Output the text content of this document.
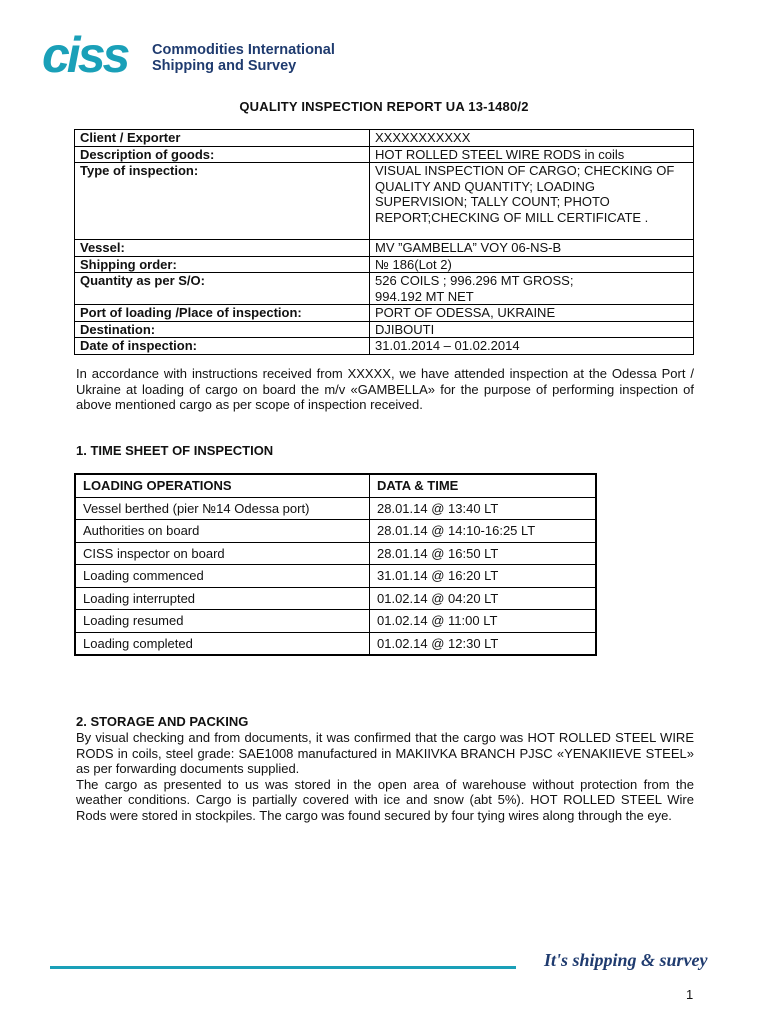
ciss Commodities International
Shipping and Survey
QUALITY INSPECTION REPORT UA 13-1480/2
Client / Exporter	XXXXXXXXXXX
Description of goods:	HOT ROLLED STEEL WIRE RODS in coils
Type of inspection:	VISUAL INSPECTION OF CARGO; CHECKING OF QUALITY AND QUANTITY; LOADING SUPERVISION; TALLY COUNT; PHOTO REPORT;CHECKING OF MILL CERTIFICATE .
Vessel:	MV ”GAMBELLA” VOY 06-NS-B
Shipping order:	№ 186(Lot 2)
Quantity as per S/O:	526 COILS ; 996.296 MT GROSS;
994.192 MT NET

Port of loading /Place of inspection:	PORT OF ODESSA, UKRAINE
Destination:	DJIBOUTI
Date of inspection:	31.01.2014 – 01.02.2014
In accordance with instructions received from XXXXX, we have attended inspection at the Odessa Port / Ukraine at loading of cargo on board the m/v «GAMBELLA» for the purpose of performing inspection of above mentioned cargo as per scope of inspection received.
1. TIME SHEET OF INSPECTION
LOADING OPERATIONS	DATA & TIME
Vessel berthed (pier №14 Odessa port)	28.01.14 @ 13:40 LT
Authorities on board	28.01.14 @ 14:10-16:25 LT
CISS inspector on board	28.01.14 @ 16:50 LT
Loading commenced	31.01.14 @ 16:20 LT
Loading interrupted	01.02.14 @ 04:20 LT
Loading resumed	01.02.14 @ 11:00 LT
Loading completed	01.02.14 @ 12:30 LT
2. STORAGE AND PACKING
By visual checking and from documents, it was confirmed that the cargo was HOT ROLLED STEEL WIRE RODS in coils, steel grade: SAE1008 manufactured in MAKIIVKA BRANCH PJSC «YENAKIIEVE STEEL» as per forwarding documents supplied.
The cargo as presented to us was stored in the open area of warehouse without protection from the weather conditions. Cargo is partially covered with ice and snow (abt 5%). HOT ROLLED STEEL Wire Rods were stored in stockpiles. The cargo was found secured by four tying wires along through the eye.
It's shipping & survey
1
